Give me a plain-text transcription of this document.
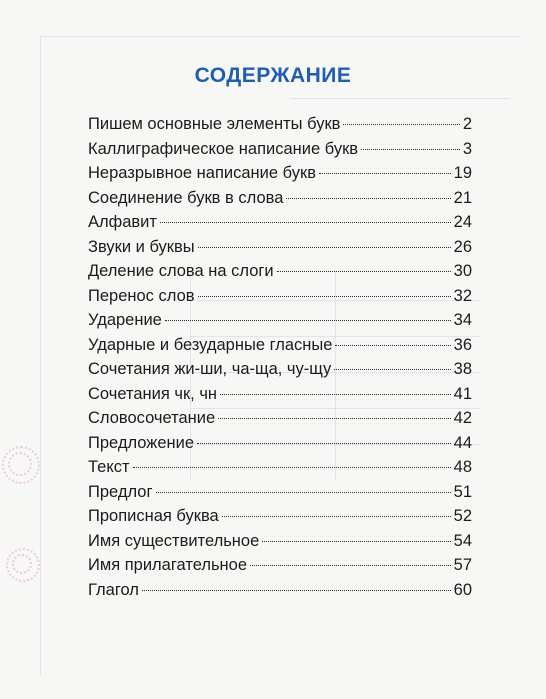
СОДЕРЖАНИЕ
Пишем основные элементы букв	2
Каллиграфическое написание букв	3
Неразрывное написание букв	19
Соединение букв в слова	21
Алфавит	24
Звуки и буквы	26
Деление слова на слоги	30
Перенос слов	32
Ударение	34
Ударные и безударные гласные	36
Сочетания жи-ши, ча-ща, чу-щу	38
Сочетания чк, чн	41
Словосочетание	42
Предложение	44
Текст	48
Предлог	51
Прописная буква	52
Имя существительное	54
Имя прилагательное	57
Глагол	60
